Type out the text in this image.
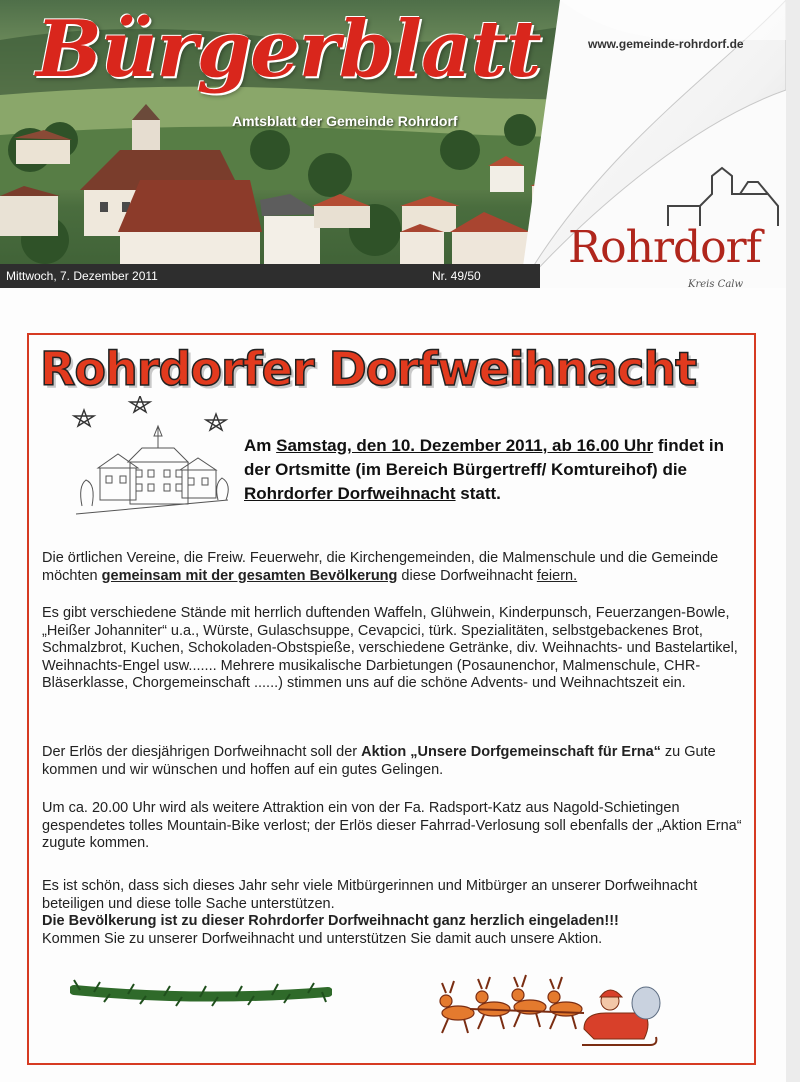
Bürgerblatt
Amtsblatt der Gemeinde Rohrdorf
www.gemeinde-rohrdorf.de
Rohrdorf
Kreis Calw
Mittwoch, 7. Dezember 2011	Nr. 49/50
Rohrdorfer Dorfweihnacht
Am Samstag, den 10. Dezember 2011, ab 16.00 Uhr findet in der Ortsmitte (im Bereich Bürgertreff/ Komtureihof) die Rohrdorfer Dorfweihnacht statt.
Die örtlichen Vereine, die Freiw. Feuerwehr, die Kirchengemeinden, die Malmenschule und die Gemeinde möchten gemeinsam mit der gesamten Bevölkerung diese Dorfweihnacht feiern.
Es gibt verschiedene Stände mit herrlich duftenden Waffeln, Glühwein, Kinderpunsch, Feuerzangen-Bowle, „Heißer Johanniter“ u.a., Würste, Gulaschsuppe, Cevapcici, türk. Spezialitäten, selbstgebackenes Brot, Schmalzbrot, Kuchen, Schokoladen-Obstspieße, verschiedene Getränke, div. Weihnachts- und Bastelartikel, Weihnachts-Engel usw....... Mehrere musikalische Darbietungen (Posaunenchor, Malmenschule, CHR-Bläserklasse, Chorgemeinschaft ......) stimmen uns auf die schöne Advents- und Weihnachtszeit ein.
Der Erlös der diesjährigen Dorfweihnacht soll der Aktion „Unsere Dorfgemeinschaft für Erna“ zu Gute kommen und wir wünschen und hoffen auf ein gutes Gelingen.
Um ca. 20.00 Uhr wird als weitere Attraktion ein von der Fa. Radsport-Katz aus Nagold-Schietingen gespendetes tolles Mountain-Bike verlost; der Erlös dieser Fahrrad-Verlosung soll ebenfalls der „Aktion Erna“ zugute kommen.
Es ist schön, dass sich dieses Jahr sehr viele Mitbürgerinnen und Mitbürger an unserer Dorfweihnacht beteiligen und diese tolle Sache unterstützen.
Die Bevölkerung ist zu dieser Rohrdorfer Dorfweihnacht ganz herzlich eingeladen!!!
Kommen Sie zu unserer Dorfweihnacht und unterstützen Sie damit auch unsere Aktion.
